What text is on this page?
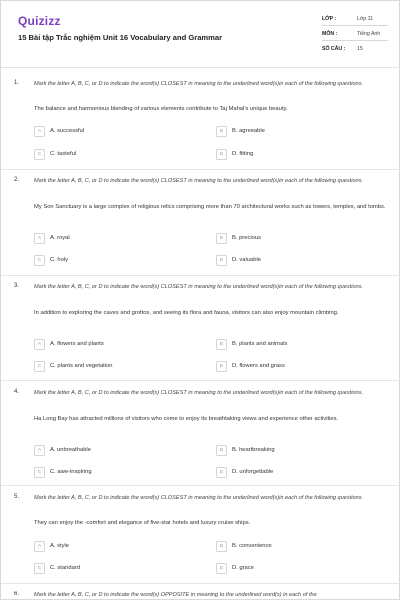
Quizizz
15 Bài tập Trắc nghiệm Unit 16 Vocabulary and Grammar
LỚP :	Lớp 11
MÔN :	Tiếng Anh
SỐ CÂU :	15
1.	Mark the letter A, B, C, or D to indicate the word(s) CLOSEST in meaning to the underlined word(s)in each of the following questions.
The balance and harmonious blending of various elements contribute to Taj Mahal's unique beauty.
A	A. successful	B	B. agreeable
C	C. tasteful	D	D. fitting
2.	Mark the letter A, B, C, or D to indicate the word(s) CLOSEST in meaning to the underlined word(s)in each of the following questions.
My Son Sanctuary is a large complex of religious relics comprising more than 70 architectural works such as towers, temples, and tombs.
A	A. royal	B	B. precious
C	C. holy	D	D. valuable
3.	Mark the letter A, B, C, or D to indicate the word(s) CLOSEST in meaning to the underlined word(s)in each of the following questions.
In addition to exploring the caves and grottos, and seeing its flora and fauna, visitors can also enjoy mountain climbing.
A	A. flowers and plants	B	B. plants and animals
C	C. plants and vegetation	D	D. flowers and grass
4.	Mark the letter A, B, C, or D to indicate the word(s) CLOSEST in meaning to the underlined word(s)in each of the following questions.
Ha Long Bay has attracted millions of visitors who come to enjoy its breathtaking views and experience other activities.
A	A. unbreathable	B	B. heartbreaking
C	C. awe-inspiring	D	D. unforgettable
5.	Mark the letter A, B, C, or D to indicate the word(s) CLOSEST in meaning to the underlined word(s)in each of the following questions.
They can enjoy the -comfort and elegance of five-star hotels and luxury cruise ships.
A	A. style	B	B. convenience
C	C. standard	D	D. grace
6.	Mark the letter A, B, C, or D to indicate the word(s) OPPOSITE in meaning to the underlined word(s) in each of the
